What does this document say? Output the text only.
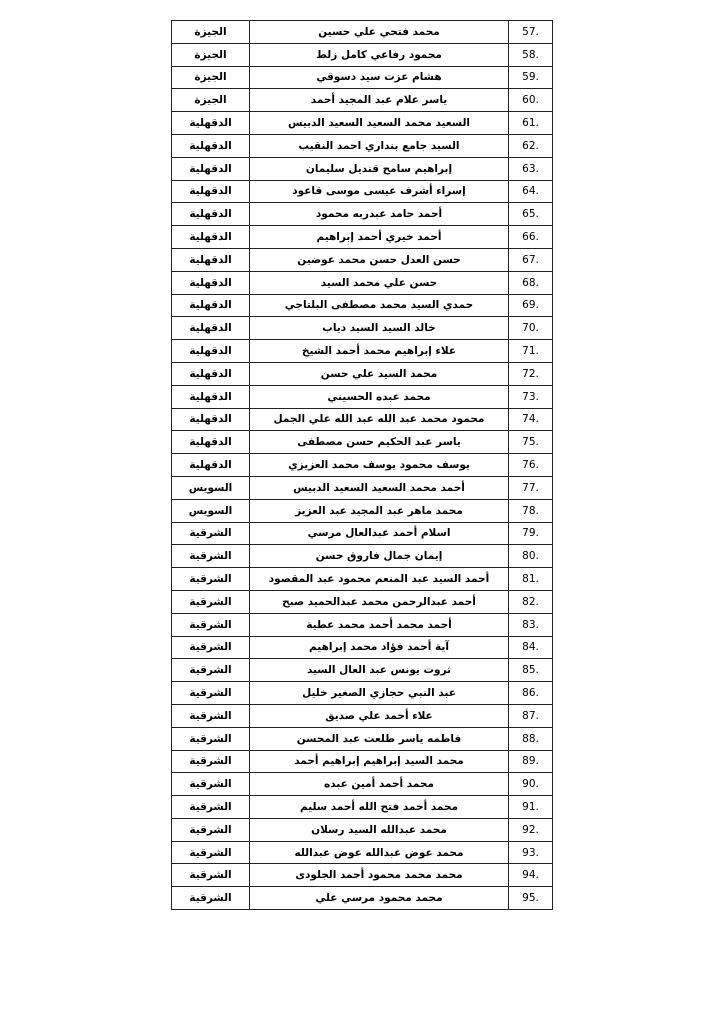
الجيزة	محمد فتحي علي حسين	57.
الجيزة	محمود رفاعي كامل زلط	58.
الجيزة	هشام عزت سيد دسوقي	59.
الجيزة	ياسر علام عبد المجيد أحمد	60.
الدقهلية	السعيد محمد السعيد السعيد الدبيس	61.
الدقهلية	السيد جامع بنداري احمد النقيب	62.
الدقهلية	إبراهيم سامح قنديل سليمان	63.
الدقهلية	إسراء أشرف عيسى موسى قاعود	64.
الدقهلية	أحمد حامد عبدربه محمود	65.
الدقهلية	أحمد خيري أحمد إبراهيم	66.
الدقهلية	حسن العدل حسن محمد عوضين	67.
الدقهلية	حسن علي محمد السيد	68.
الدقهلية	حمدي السيد محمد مصطفى البلتاجي	69.
الدقهلية	خالد السيد السيد دياب	70.
الدقهلية	علاء إبراهيم محمد أحمد الشيخ	71.
الدقهلية	محمد السيد علي حسن	72.
الدقهلية	محمد عبده الحسيني	73.
الدقهلية	محمود محمد عبد الله عبد الله علي الجمل	74.
الدقهلية	ياسر عبد الحكيم حسن مصطفى	75.
الدقهلية	يوسف محمود يوسف محمد العزيزي	76.
السويس	أحمد محمد السعيد السعيد الدبيس	77.
السويس	محمد ماهر عبد المجيد عبد العزيز	78.
الشرقية	اسلام أحمد عبدالعال مرسي	79.
الشرقية	إيمان جمال فاروق حسن	80.
الشرقية	أحمد السيد عبد المنعم محمود عبد المقصود	81.
الشرقية	أحمد عبدالرحمن محمد عبدالحميد صبح	82.
الشرقية	أحمد محمد أحمد محمد عطية	83.
الشرقية	آية أحمد فؤاد محمد إبراهيم	84.
الشرقية	ثروت يونس عبد العال السيد	85.
الشرقية	عبد النبي حجازي الصغير خليل	86.
الشرقية	علاء أحمد علي صديق	87.
الشرقية	فاطمه ياسر طلعت عبد المحسن	88.
الشرقية	محمد السيد إبراهيم إبراهيم أحمد	89.
الشرقية	محمد أحمد أمين عبده	90.
الشرقية	محمد أحمد فتح الله أحمد سليم	91.
الشرقية	محمد عبدالله السيد رسلان	92.
الشرقية	محمد عوض عبدالله عوض عبدالله	93.
الشرقية	محمد محمد محمود أحمد الجلودى	94.
الشرقية	محمد محمود مرسي علي	95.
